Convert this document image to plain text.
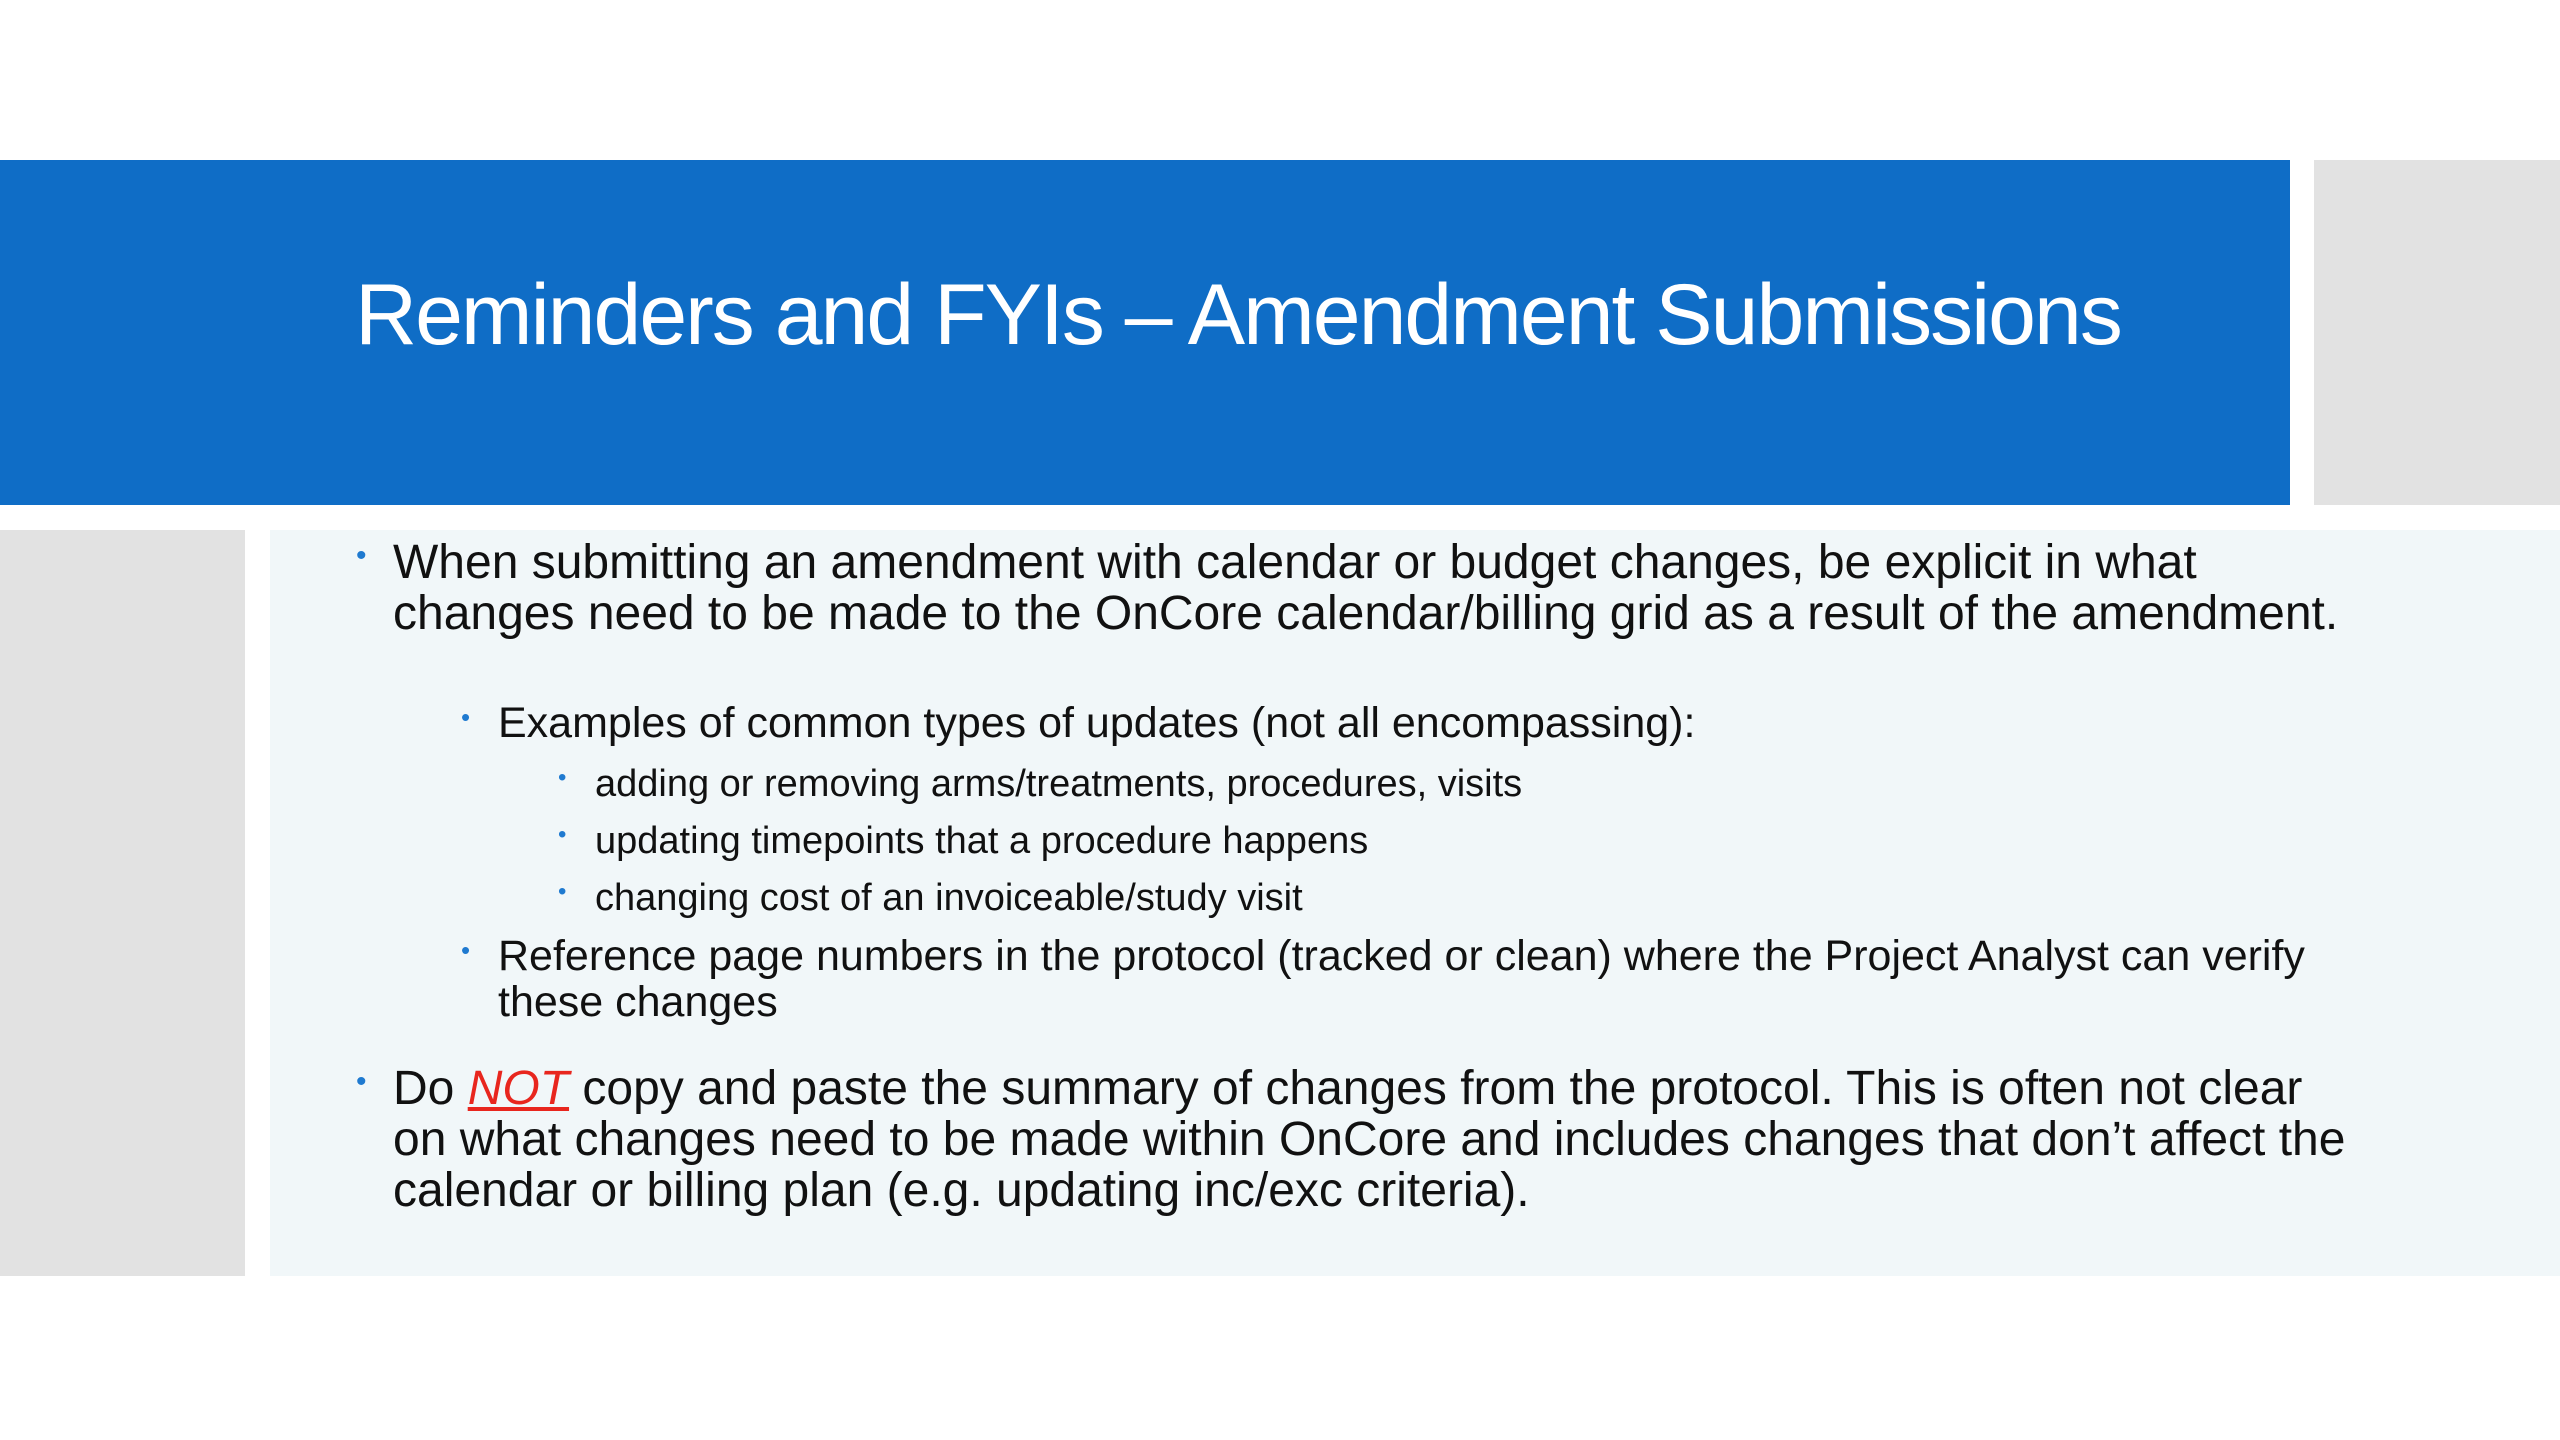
Reminders and FYIs – Amendment Submissions
• When submitting an amendment with calendar or budget changes, be explicit in what changes need to be made to the OnCore calendar/billing grid as a result of the amendment.
• Examples of common types of updates (not all encompassing):
• adding or removing arms/treatments, procedures, visits
• updating timepoints that a procedure happens
• changing cost of an invoiceable/study visit
• Reference page numbers in the protocol (tracked or clean) where the Project Analyst can verify these changes
• Do NOT copy and paste the summary of changes from the protocol. This is often not clear on what changes need to be made within OnCore and includes changes that don’t affect the calendar or billing plan (e.g. updating inc/exc criteria).
